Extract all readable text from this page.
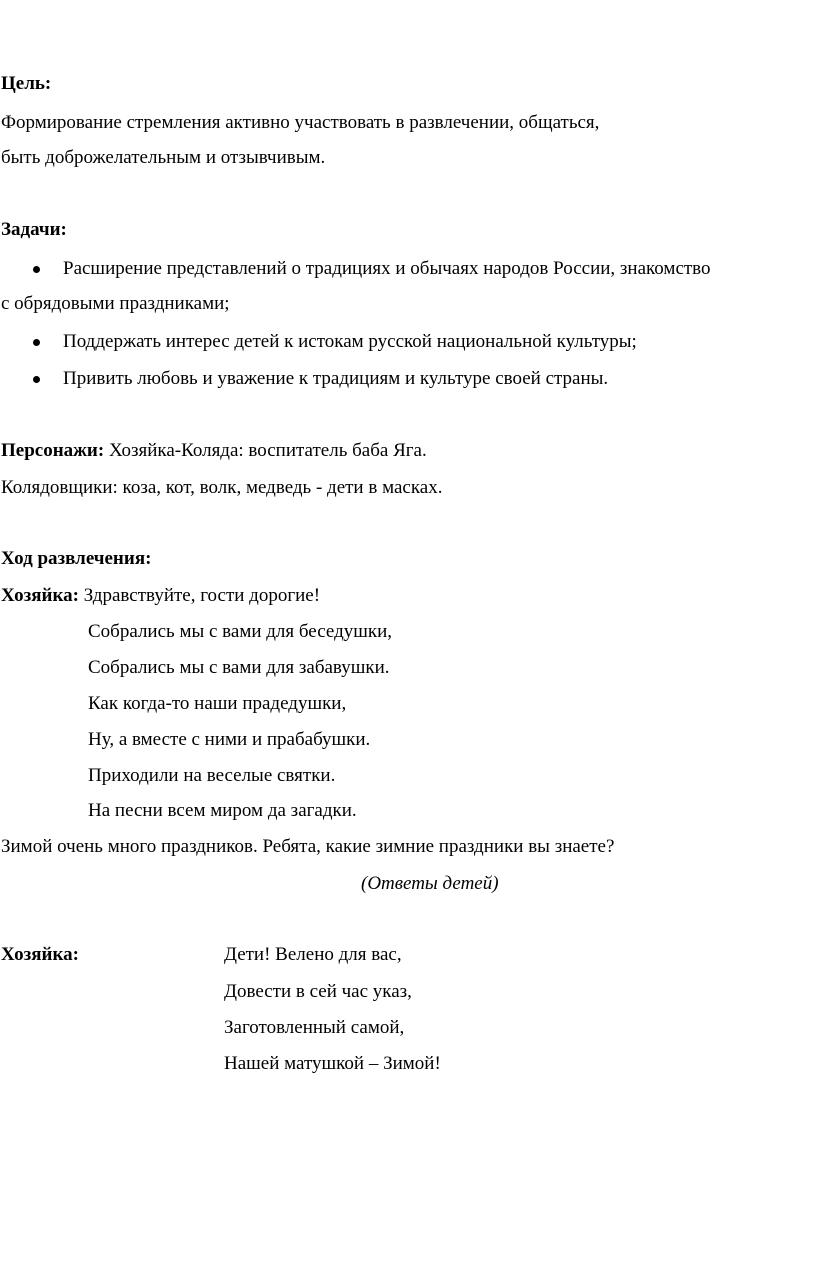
Цель:
Формирование стремления активно участвовать в развлечении, общаться,
быть доброжелательным и отзывчивым.
Задачи:
Расширение представлений о традициях и обычаях народов России, знакомство
с обрядовыми праздниками;
Поддержать интерес детей к истокам русской национальной культуры;
Привить любовь и уважение к традициям и культуре своей страны.
Персонажи: Хозяйка-Коляда: воспитатель баба Яга.
Колядовщики: коза, кот, волк, медведь - дети в масках.
Ход развлечения:
Хозяйка: Здравствуйте, гости дорогие!
Собрались мы с вами для беседушки,
Собрались мы с вами для забавушки.
Как когда-то наши прадедушки,
Ну, а вместе с ними и прабабушки.
Приходили на веселые святки.
На песни всем миром да загадки.
Зимой очень много праздников. Ребята, какие зимние праздники вы знаете?
(Ответы детей)
Хозяйка:	Дети! Велено для вас,
Довести в сей час указ,
Заготовленный самой,
Нашей матушкой – Зимой!
